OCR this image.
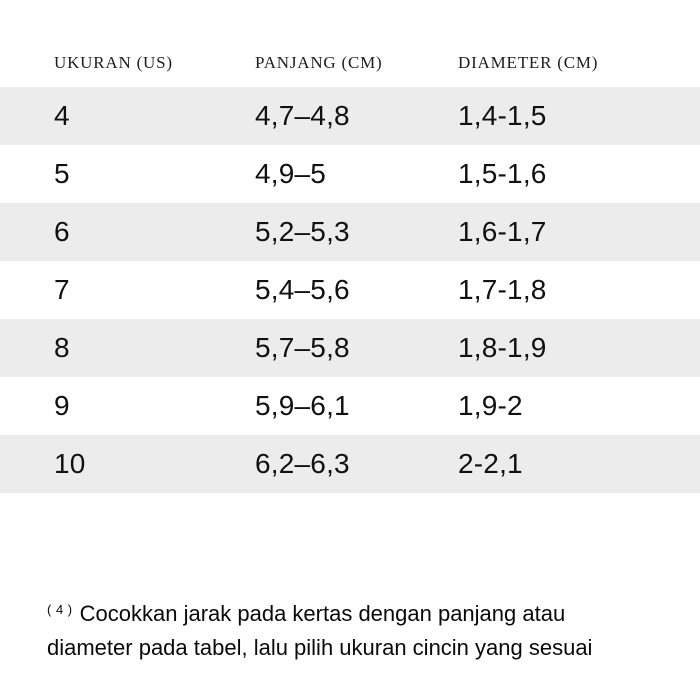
UKURAN (US)	PANJANG (CM)	DIAMETER (CM)
4	4,7–4,8	1,4-1,5
5	4,9–5	1,5-1,6
6	5,2–5,3	1,6-1,7
7	5,4–5,6	1,7-1,8
8	5,7–5,8	1,8-1,9
9	5,9–6,1	1,9-2
10	6,2–6,3	2-2,1

$^{( 4 )}$ Cocokkan jarak pada kertas dengan panjang atau
diameter pada tabel, lalu pilih ukuran cincin yang sesuai
